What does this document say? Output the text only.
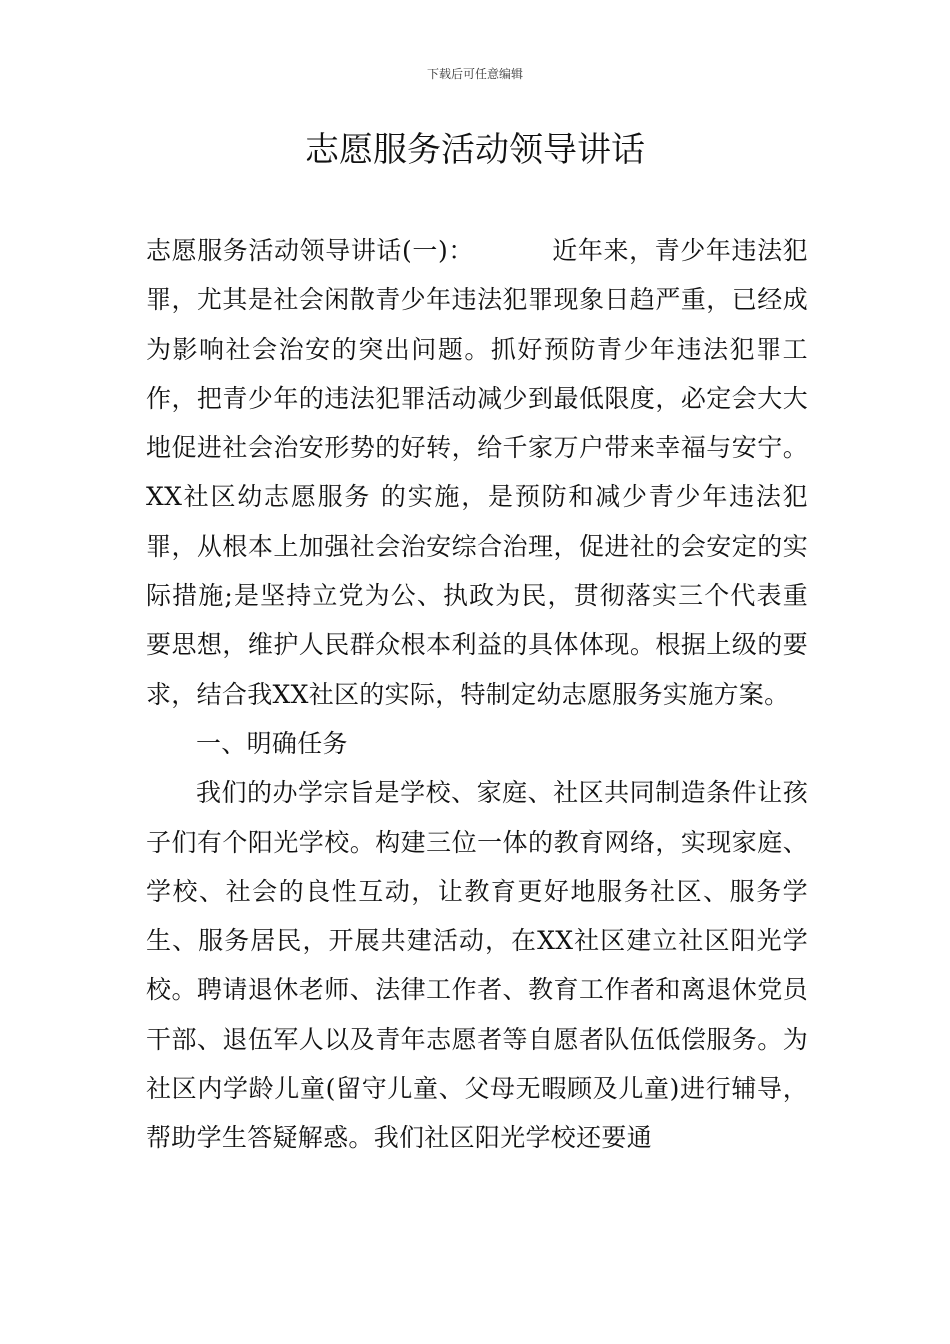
下载后可任意编辑
志愿服务活动领导讲话

志愿服务活动领导讲话(一)：	近年来，青少年违法犯罪，尤其是社会闲散青少年违法犯罪现象日趋严重，已经成为影响社会治安的突出问题。抓好预防青少年违法犯罪工作，把青少年的违法犯罪活动减少到最低限度，必定会大大地促进社会治安形势的好转，给千家万户带来幸福与安宁。XX社区幼志愿服务 的实施，是预防和减少青少年违法犯罪，从根本上加强社会治安综合治理，促进社的会安定的实际措施;是坚持立党为公、执政为民，贯彻落实三个代表重要思想，维护人民群众根本利益的具体体现。根据上级的要求，结合我XX社区的实际，特制定幼志愿服务实施方案。

一、明确任务

我们的办学宗旨是学校、家庭、社区共同制造条件让孩子们有个阳光学校。构建三位一体的教育网络，实现家庭、学校、社会的良性互动，让教育更好地服务社区、服务学生、服务居民，开展共建活动，在XX社区建立社区阳光学校。聘请退休老师、法律工作者、教育工作者和离退休党员干部、退伍军人以及青年志愿者等自愿者队伍低偿服务。为社区内学龄儿童(留守儿童、父母无暇顾及儿童)进行辅导，帮助学生答疑解惑。我们社区阳光学校还要通
